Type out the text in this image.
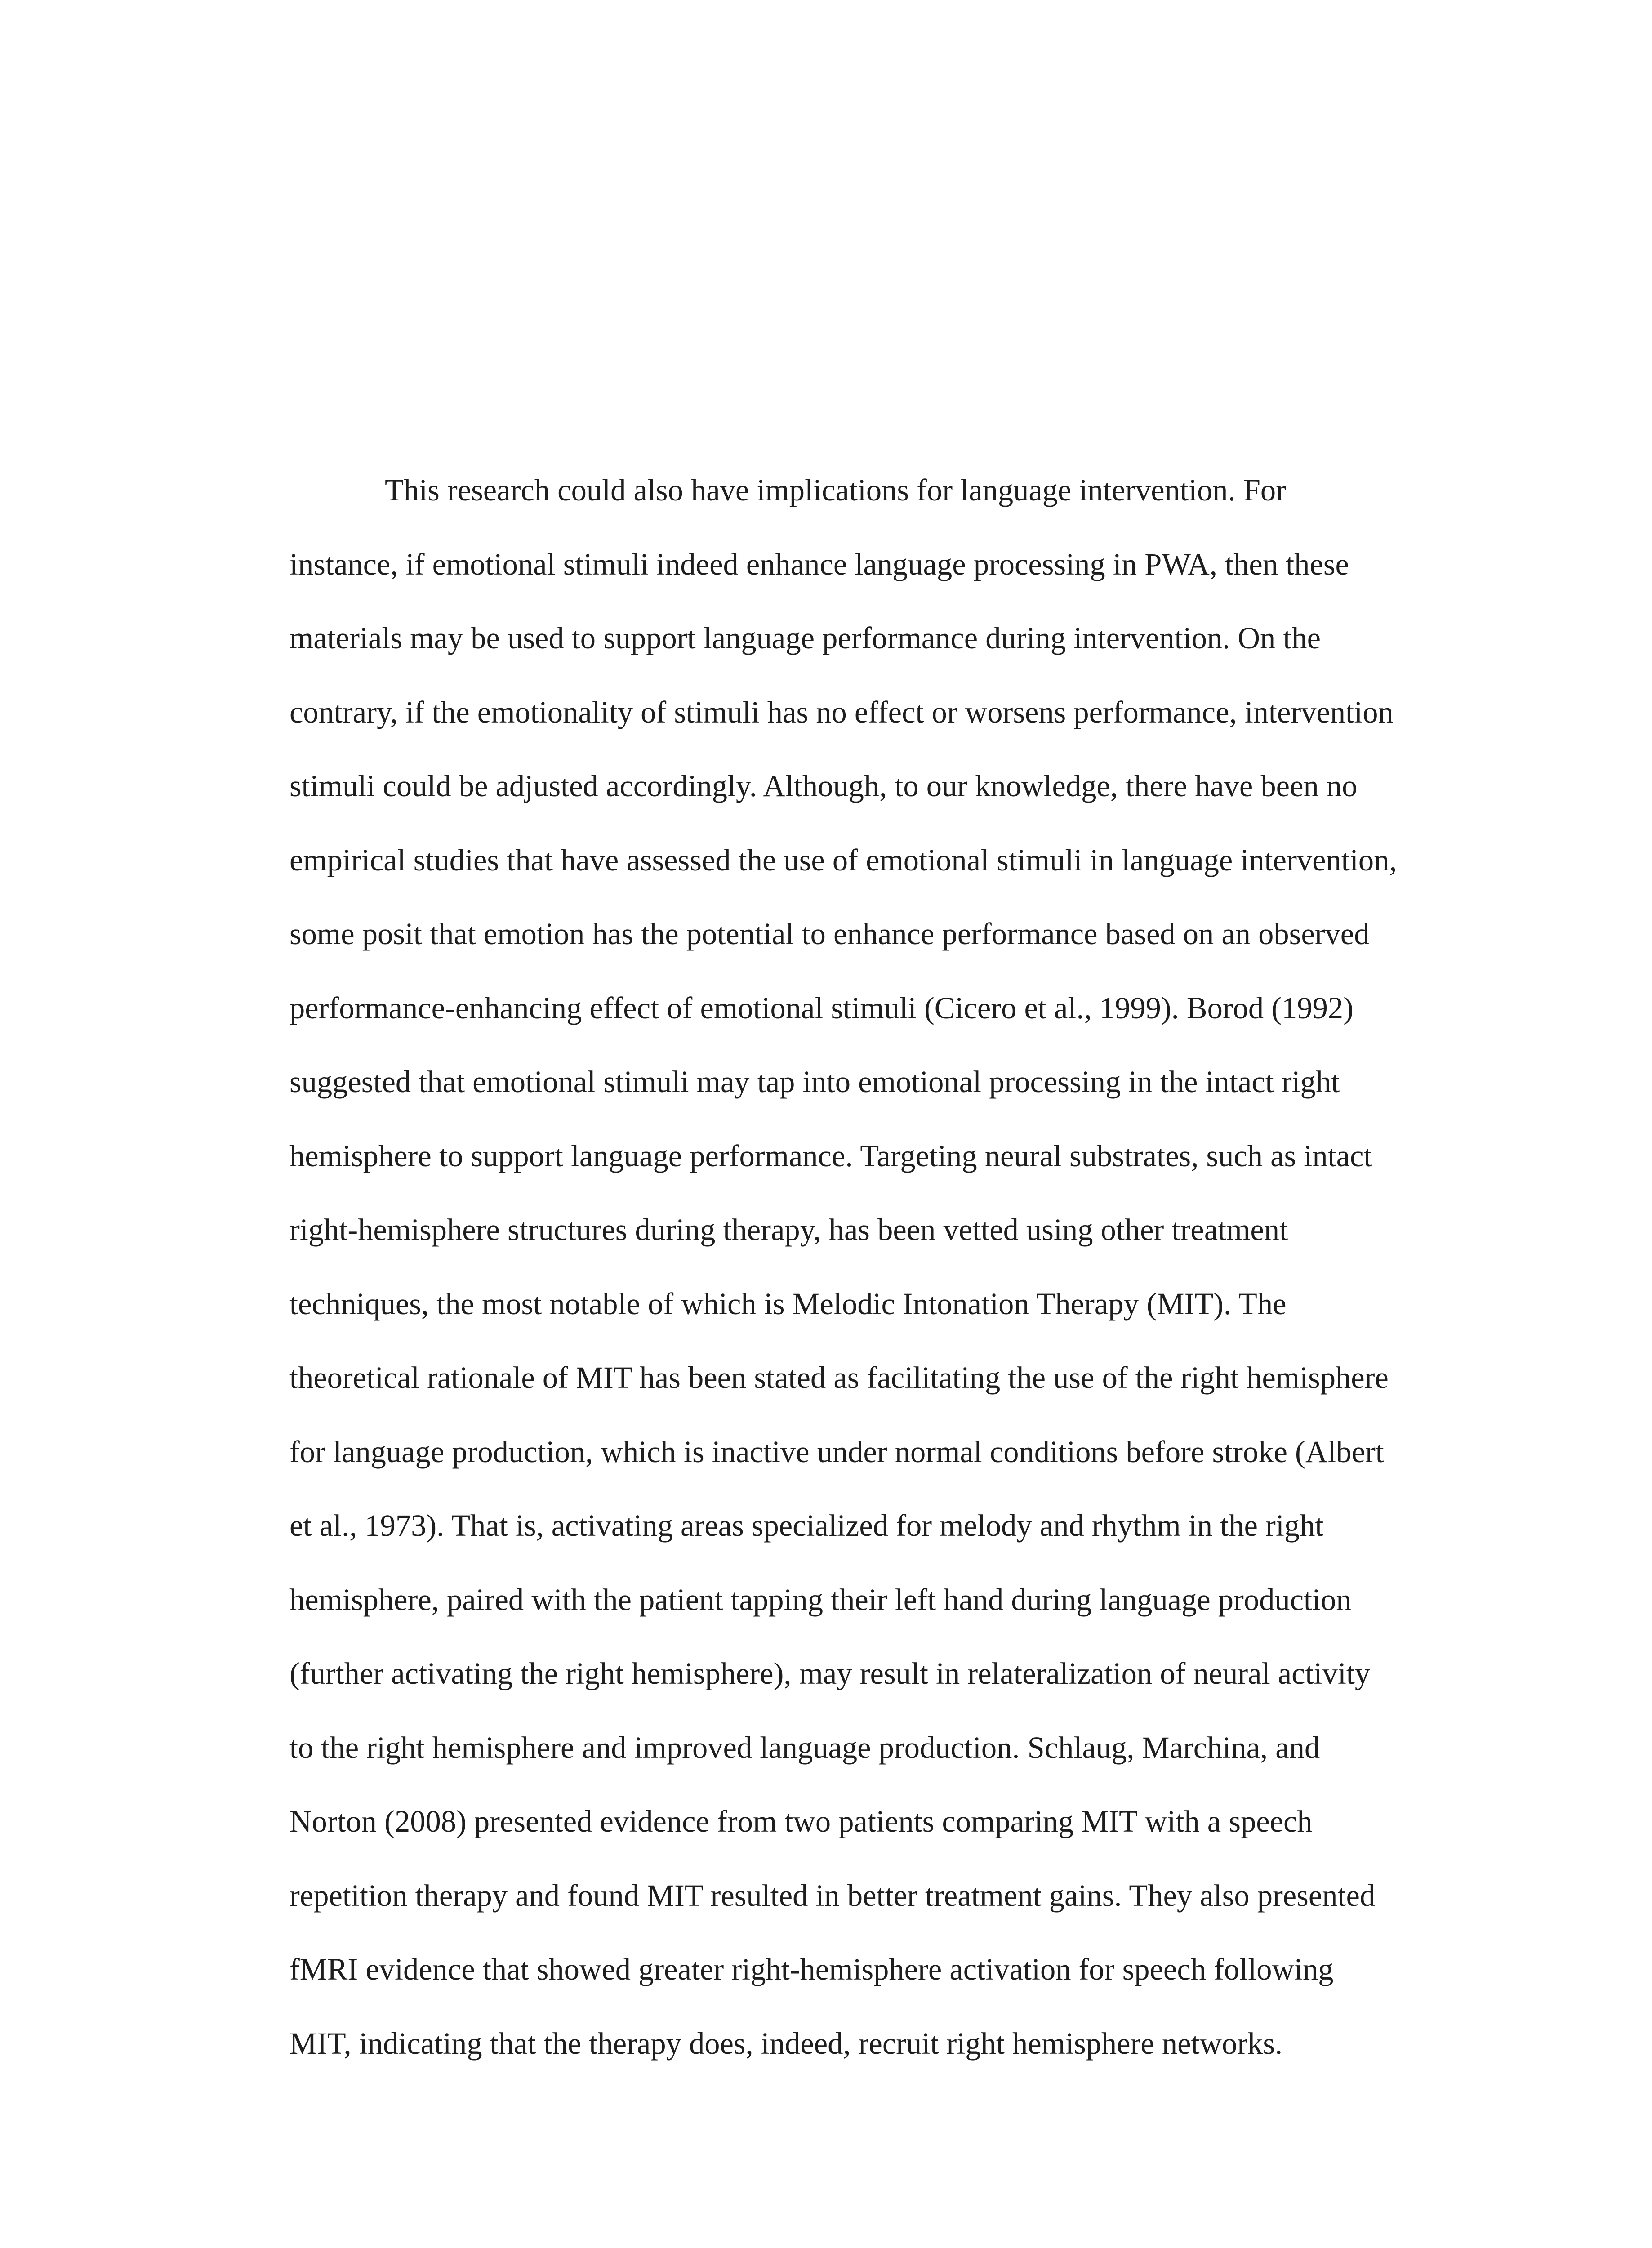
This research could also have implications for language intervention. For
instance, if emotional stimuli indeed enhance language processing in PWA, then these
materials may be used to support language performance during intervention. On the
contrary, if the emotionality of stimuli has no effect or worsens performance, intervention
stimuli could be adjusted accordingly. Although, to our knowledge, there have been no
empirical studies that have assessed the use of emotional stimuli in language intervention,
some posit that emotion has the potential to enhance performance based on an observed
performance-enhancing effect of emotional stimuli (Cicero et al., 1999). Borod (1992)
suggested that emotional stimuli may tap into emotional processing in the intact right
hemisphere to support language performance. Targeting neural substrates, such as intact
right-hemisphere structures during therapy, has been vetted using other treatment
techniques, the most notable of which is Melodic Intonation Therapy (MIT). The
theoretical rationale of MIT has been stated as facilitating the use of the right hemisphere
for language production, which is inactive under normal conditions before stroke (Albert
et al., 1973). That is, activating areas specialized for melody and rhythm in the right
hemisphere, paired with the patient tapping their left hand during language production
(further activating the right hemisphere), may result in relateralization of neural activity
to the right hemisphere and improved language production. Schlaug, Marchina, and
Norton (2008) presented evidence from two patients comparing MIT with a speech
repetition therapy and found MIT resulted in better treatment gains. They also presented
fMRI evidence that showed greater right-hemisphere activation for speech following
MIT, indicating that the therapy does, indeed, recruit right hemisphere networks.
